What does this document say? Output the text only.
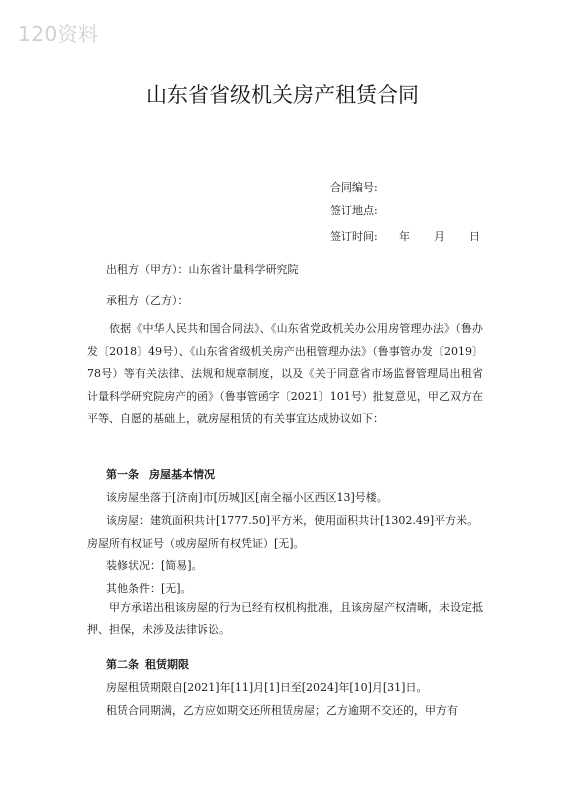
120资料
山东省省级机关房产租赁合同
合同编号:
签订地点:
签订时间: 年 月 日
出租方（甲方）：山东省计量科学研究院
承租方（乙方）：
依据《中华人民共和国合同法》、《山东省党政机关办公用房管理办法》（鲁办发〔2018〕49号）、《山东省省级机关房产出租管理办法》（鲁事管办发〔2019〕78号）等有关法律、法规和规章制度，以及《关于同意省市场监督管理局出租省计量科学研究院房产的函》（鲁事管函字〔2021〕101号）批复意见，甲乙双方在平等、自愿的基础上，就房屋租赁的有关事宜达成协议如下：
第一条 房屋基本情况
该房屋坐落于[济南]市[历城]区[南全福小区西区13]号楼。
该房屋：建筑面积共计[1777.50]平方米，使用面积共计[1302.49]平方米。
房屋所有权证号（或房屋所有权凭证）[无]。
装修状况：[简易]。
其他条件：[无]。
甲方承诺出租该房屋的行为已经有权机构批准，且该房屋产权清晰，未设定抵押、担保，未涉及法律诉讼。
第二条 租赁期限
房屋租赁期限自[2021]年[11]月[1]日至[2024]年[10]月[31]日。
租赁合同期满，乙方应如期交还所租赁房屋；乙方逾期不交还的，甲方有
